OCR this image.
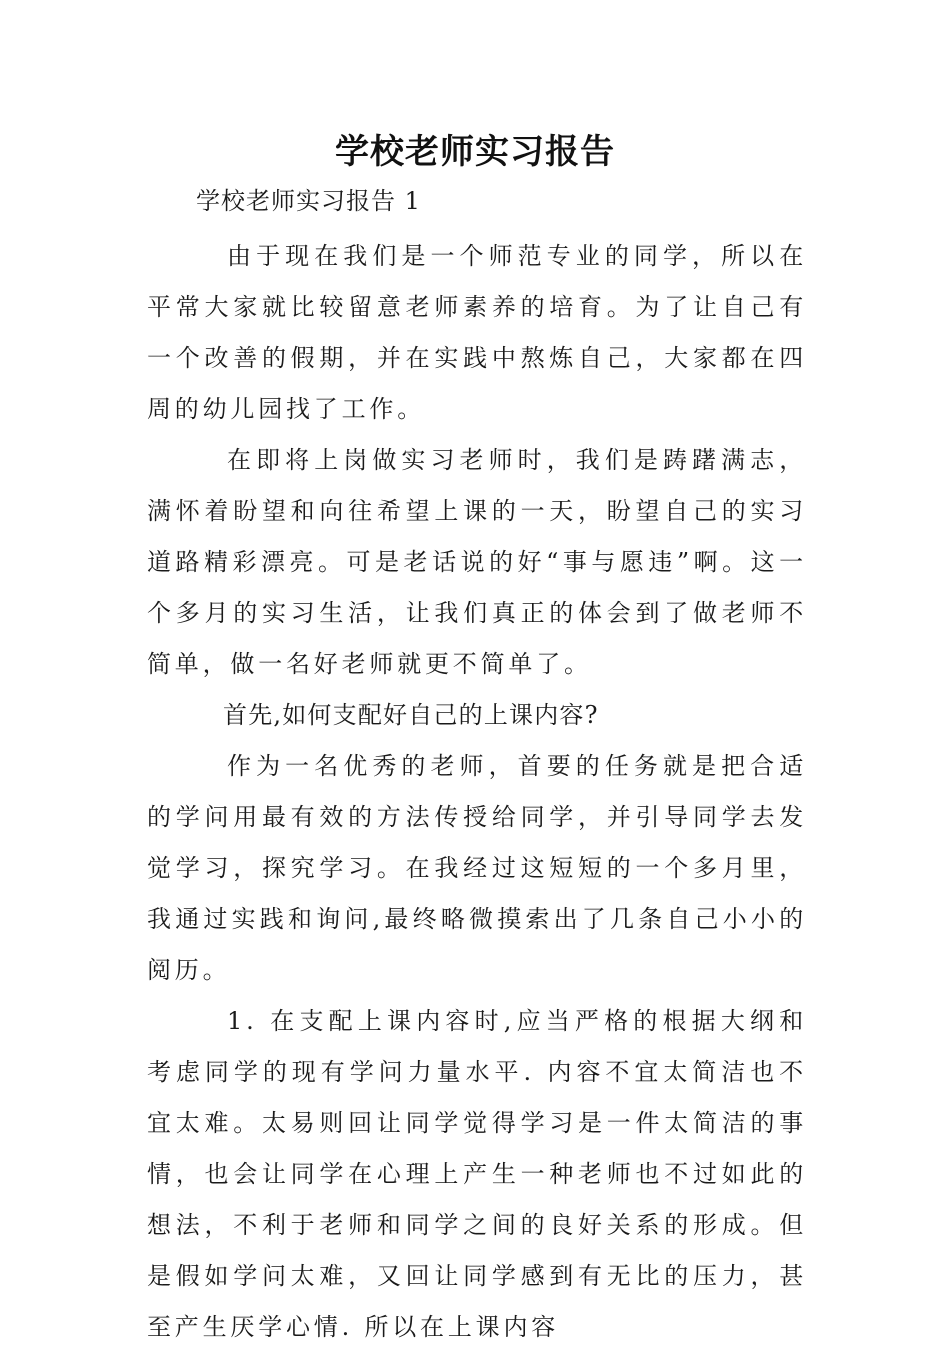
学校老师实习报告

学校老师实习报告 1

由于现在我们是一个师范专业的同学，所以在平常大家就比较留意老师素养的培育。为了让自己有一个改善的假期，并在实践中熬炼自己，大家都在四周的幼儿园找了工作。

在即将上岗做实习老师时，我们是踌躇满志，满怀着盼望和向往希望上课的一天，盼望自己的实习道路精彩漂亮。可是老话说的好“事与愿违”啊。这一个多月的实习生活，让我们真正的体会到了做老师不简单，做一名好老师就更不简单了。

首先,如何支配好自己的上课内容?

作为一名优秀的老师，首要的任务就是把合适的学问用最有效的方法传授给同学，并引导同学去发觉学习，探究学习。在我经过这短短的一个多月里，我通过实践和询问,最终略微摸索出了几条自己小小的阅历。

1. 在支配上课内容时,应当严格的根据大纲和考虑同学的现有学问力量水平. 内容不宜太简洁也不宜太难。太易则回让同学觉得学习是一件太简洁的事情，也会让同学在心理上产生一种老师也不过如此的想法，不利于老师和同学之间的良好关系的形成。但是假如学问太难，又回让同学感到有无比的压力，甚至产生厌学心情. 所以在上课内容
